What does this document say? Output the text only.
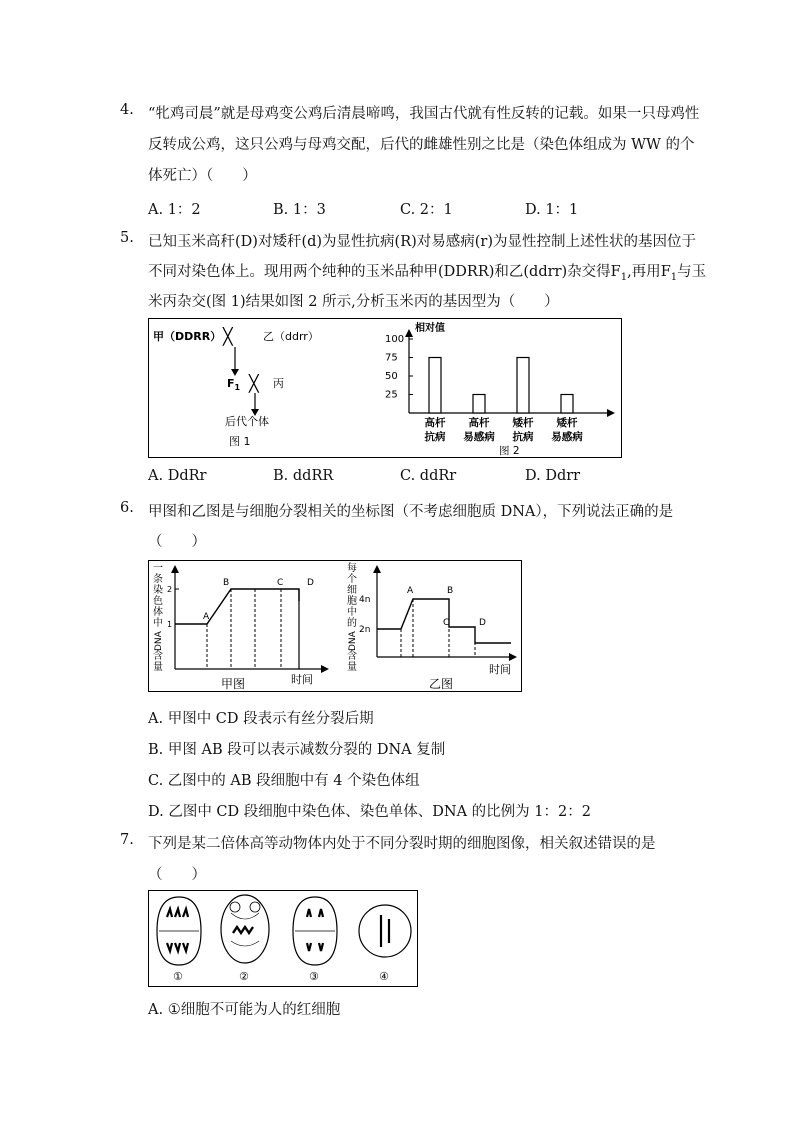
4. “牝鸡司晨”就是母鸡变公鸡后清晨啼鸣，我国古代就有性反转的记载。如果一只母鸡性
反转成公鸡，这只公鸡与母鸡交配，后代的雌雄性别之比是（染色体组成为 WW 的个
体死亡）（　　）
A. 1：2	B. 1：3	C. 2：1	D. 1：1
5. 已知玉米高秆(D)对矮秆(d)为显性抗病(R)对易感病(r)为显性控制上述性状的基因位于
不同对染色体上。现用两个纯种的玉米品种甲(DDRR)和乙(ddrr)杂交得$F_1$,再用$F_1$与玉
米丙杂交(图 1)结果如图 2 所示,分析玉米丙的基因型为（　　）
甲（DDRR） ╳	乙（ddrr）
$F_1$ ╳ 丙
后代个体
图 1
相对值
100
75
50
25
高杆
抗病
高杆
易感病
矮杆
抗病
矮杆
易感病
图 2
A. DdRr	B. ddRR	C. ddRr	D. Ddrr
6. 甲图和乙图是与细胞分裂相关的坐标图（不考虑细胞质 DNA），下列说法正确的是
（　　）
一
条
染
色
体
中
DNA
含
量
1
2
A
B	C	D
时间
甲图
每
个
细
胞
中
的
DNA
含
量
4n
2n
A	B
C	D
时间
乙图
A. 甲图中 CD 段表示有丝分裂后期
B. 甲图 AB 段可以表示减数分裂的 DNA 复制
C. 乙图中的 AB 段细胞中有 4 个染色体组
D. 乙图中 CD 段细胞中染色体、染色单体、DNA 的比例为 1：2：2
7. 下列是某二倍体高等动物体内处于不同分裂时期的细胞图像，相关叙述错误的是
（　　）
①	②	③	④
A. ①细胞不可能为人的红细胞
